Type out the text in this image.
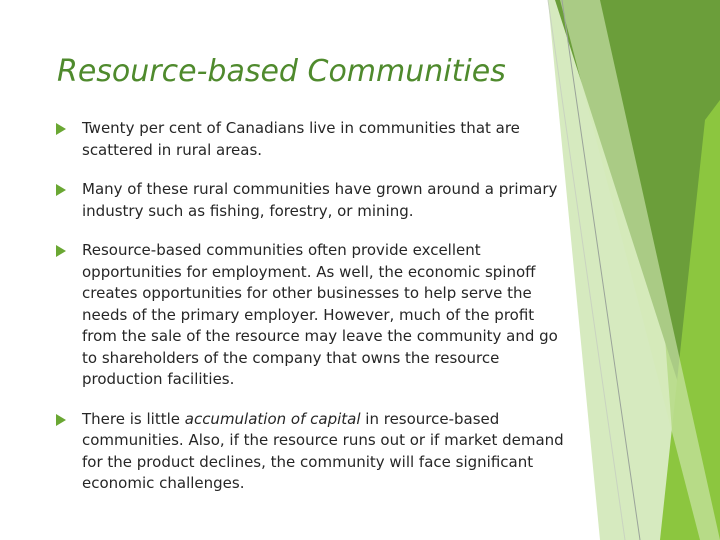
Resource-based Communities
Twenty per cent of Canadians live in communities that are scattered in rural areas.
Many of these rural communities have grown around a primary industry such as fishing, forestry, or mining.
Resource-based communities often provide excellent opportunities for employment. As well, the economic spinoff creates opportunities for other businesses to help serve the needs of the primary employer. However, much of the profit from the sale of the resource may leave the community and go to shareholders of the company that owns the resource production facilities.
There is little accumulation of capital in resource-based communities. Also, if the resource runs out or if market demand for the product declines, the community will face significant economic challenges.
